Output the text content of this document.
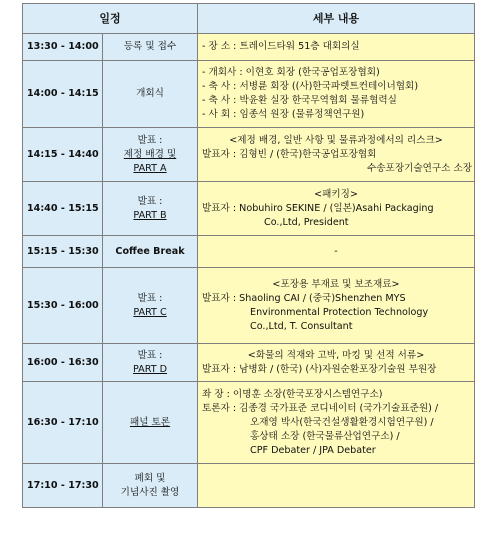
일정		세부 내용
13:30 - 14:00	등록 및 접수	- 장 소 : 트레이드타워 51층 대회의실

14:00 - 14:15	개회식	- 개회사 : 이현호 회장 (한국공업포장협회)
- 축 사 : 서병륜 회장 ((사)한국파렛트컨테이너협회)
- 축 사 : 박윤환 실장 한국무역협회 물류협력실
- 사 회 : 임종석 원장 (물류정책연구원)

14:15 - 14:40	발표 :
제정 배경 및
PART A	<제정 배경, 일반 사항 및 물류과정에서의 리스크>
발표자 : 김형빈 / (한국)한국공업포장협회
수송포장기술연구소 소장

14:40 - 15:15	발표 :
PART B	<패키징>
발표자 : Nobuhiro SEKINE / (일본)Asahi Packaging
Co.,Ltd, President

15:15 - 15:30	Coffee Break	-

15:30 - 16:00	발표 :
PART C	<포장용 부재료 및 보조재료>
발표자 : Shaoling CAI / (중국)Shenzhen MYS
Environmental Protection Technology
Co.,Ltd, T. Consultant

16:00 - 16:30	발표 :
PART D	<화물의 적재와 고박, 마킹 및 선적 서류>
발표자 : 남병화 / (한국) (사)자원순환포장기술원 부원장

16:30 - 17:10	패널 토론	좌 장 : 이명훈 소장(한국포장시스템연구소)
토론자 : 김종경 국가표준 코디네이터 (국가기술표준원) /
오재영 박사(한국건설생활환경시험연구원) /
홍상태 소장 (한국물류산업연구소) /
CPF Debater / JPA Debater

17:10 - 17:30	폐회 및
기념사진 촬영	
